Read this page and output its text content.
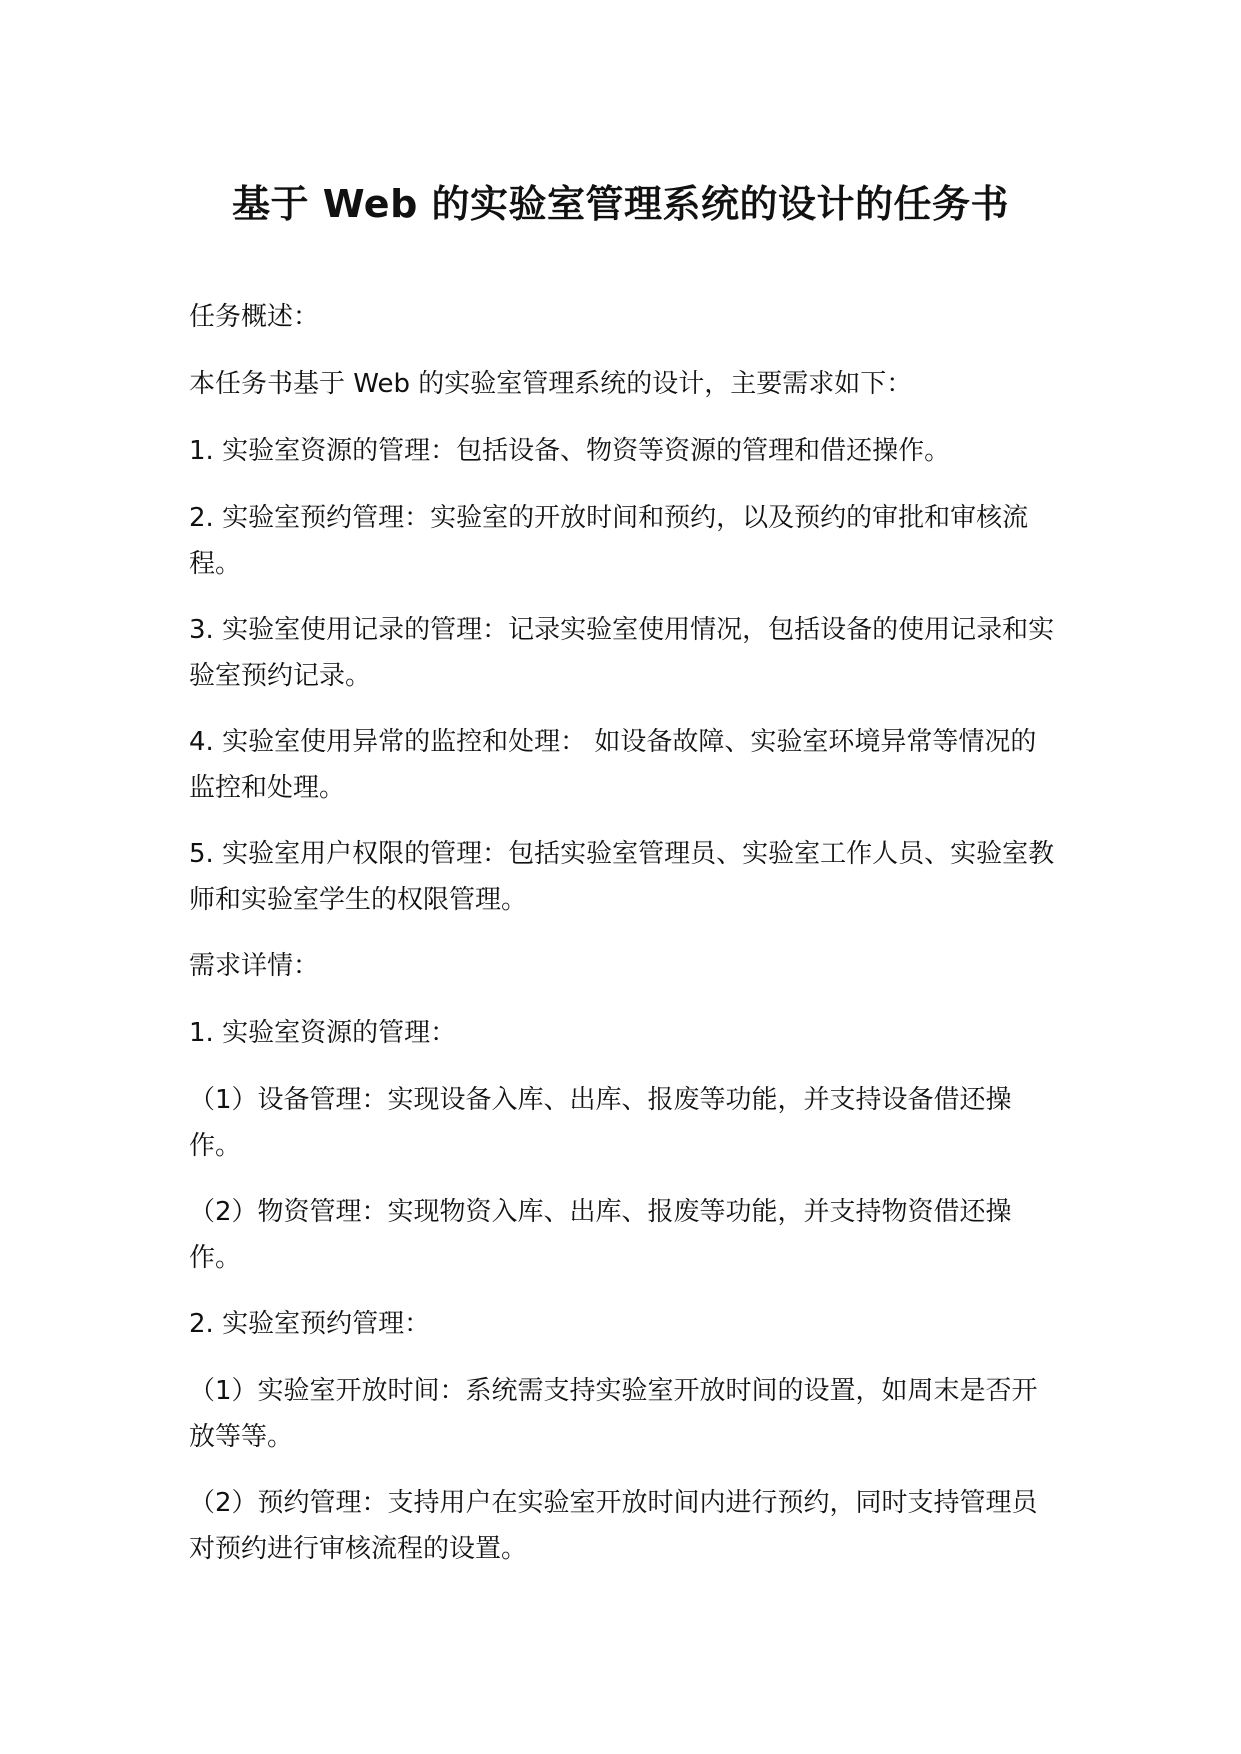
基于 Web 的实验室管理系统的设计的任务书

任务概述：

本任务书基于 Web 的实验室管理系统的设计，主要需求如下：

1. 实验室资源的管理：包括设备、物资等资源的管理和借还操作。

2. 实验室预约管理：实验室的开放时间和预约，以及预约的审批和审核流程。

3. 实验室使用记录的管理：记录实验室使用情况，包括设备的使用记录和实验室预约记录。

4. 实验室使用异常的监控和处理： 如设备故障、实验室环境异常等情况的监控和处理。

5. 实验室用户权限的管理：包括实验室管理员、实验室工作人员、实验室教师和实验室学生的权限管理。

需求详情：

1. 实验室资源的管理：

（1）设备管理：实现设备入库、出库、报废等功能，并支持设备借还操作。

（2）物资管理：实现物资入库、出库、报废等功能，并支持物资借还操作。

2. 实验室预约管理：

（1）实验室开放时间：系统需支持实验室开放时间的设置，如周末是否开放等等。

（2）预约管理：支持用户在实验室开放时间内进行预约，同时支持管理员对预约进行审核流程的设置。
